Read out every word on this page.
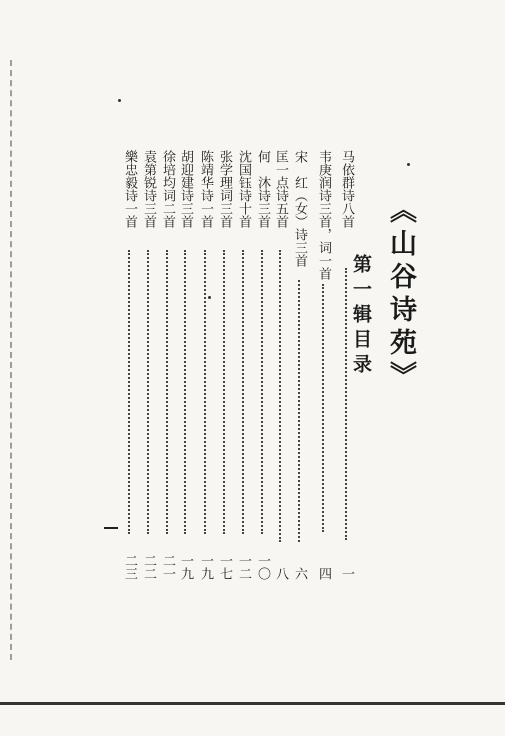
《山谷诗苑》
第一辑目录
马依群诗八首
一
韦庚润诗三首，词一首
四
宋　红（女）诗三首
六
匡一点诗五首
八
何　沐诗三首
一〇
沈国钰诗十首
一二
张学理词三首
一七
陈靖华诗一首
一九
胡迎建诗三首
一九
徐培均词二首
二一
袁第锐诗三首
二二
樂忠毅诗一首
二三
